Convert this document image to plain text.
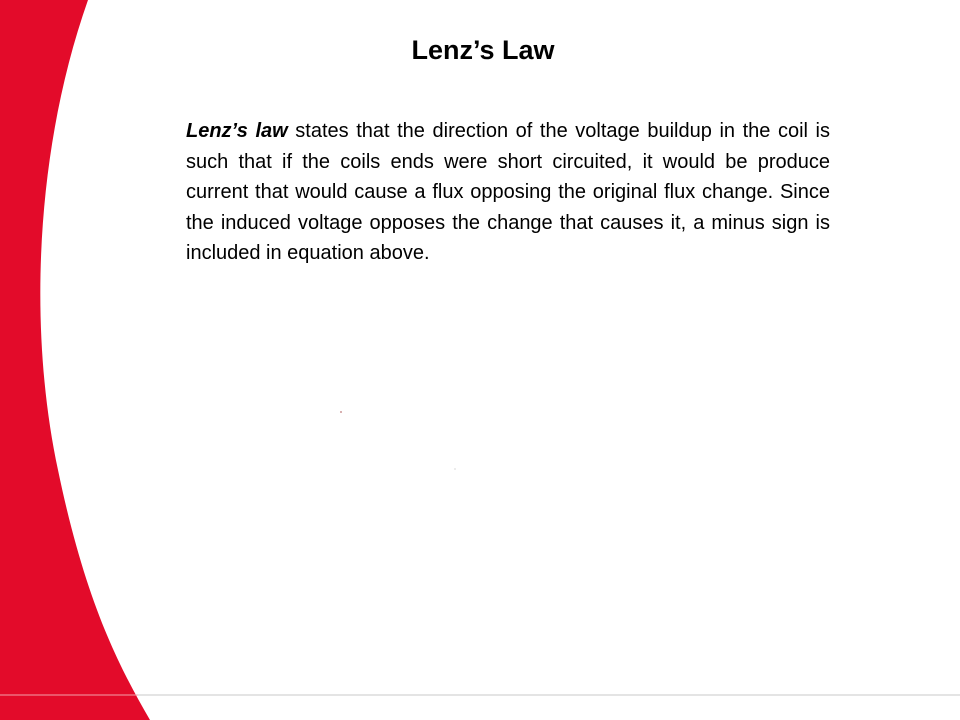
Lenz’s Law

Lenz’s law states that the direction of the voltage buildup in the coil is such that if the coils ends were short circuited, it would be produce current that would cause a flux opposing the original flux change. Since the induced voltage opposes the change that causes it, a minus sign is included in equation above.
